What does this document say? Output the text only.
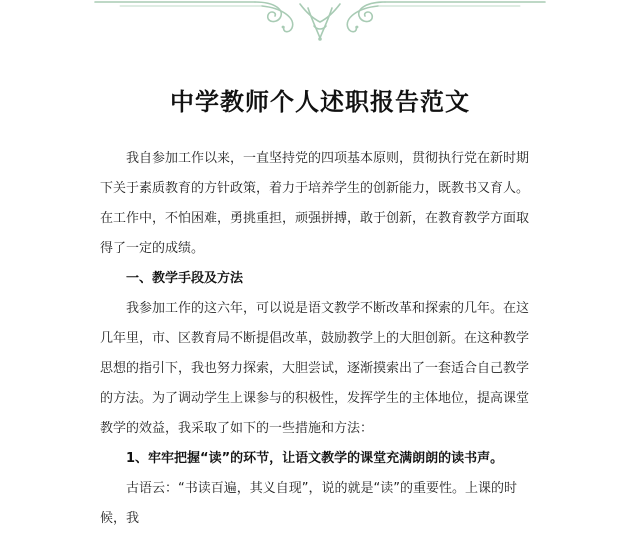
中学教师个人述职报告范文

我自参加工作以来，一直坚持党的四项基本原则，贯彻执行党在新时期下关于素质教育的方针政策，着力于培养学生的创新能力，既教书又育人。在工作中，不怕困难，勇挑重担，顽强拼搏，敢于创新，在教育教学方面取得了一定的成绩。

一、教学手段及方法

我参加工作的这六年，可以说是语文教学不断改革和探索的几年。在这几年里，市、区教育局不断提倡改革，鼓励教学上的大胆创新。在这种教学思想的指引下，我也努力探索，大胆尝试，逐渐摸索出了一套适合自己教学的方法。为了调动学生上课参与的积极性，发挥学生的主体地位，提高课堂教学的效益，我采取了如下的一些措施和方法：

1、牢牢把握“读”的环节，让语文教学的课堂充满朗朗的读书声。

古语云：“书读百遍，其义自现”，说的就是“读”的重要性。上课的时候，我
